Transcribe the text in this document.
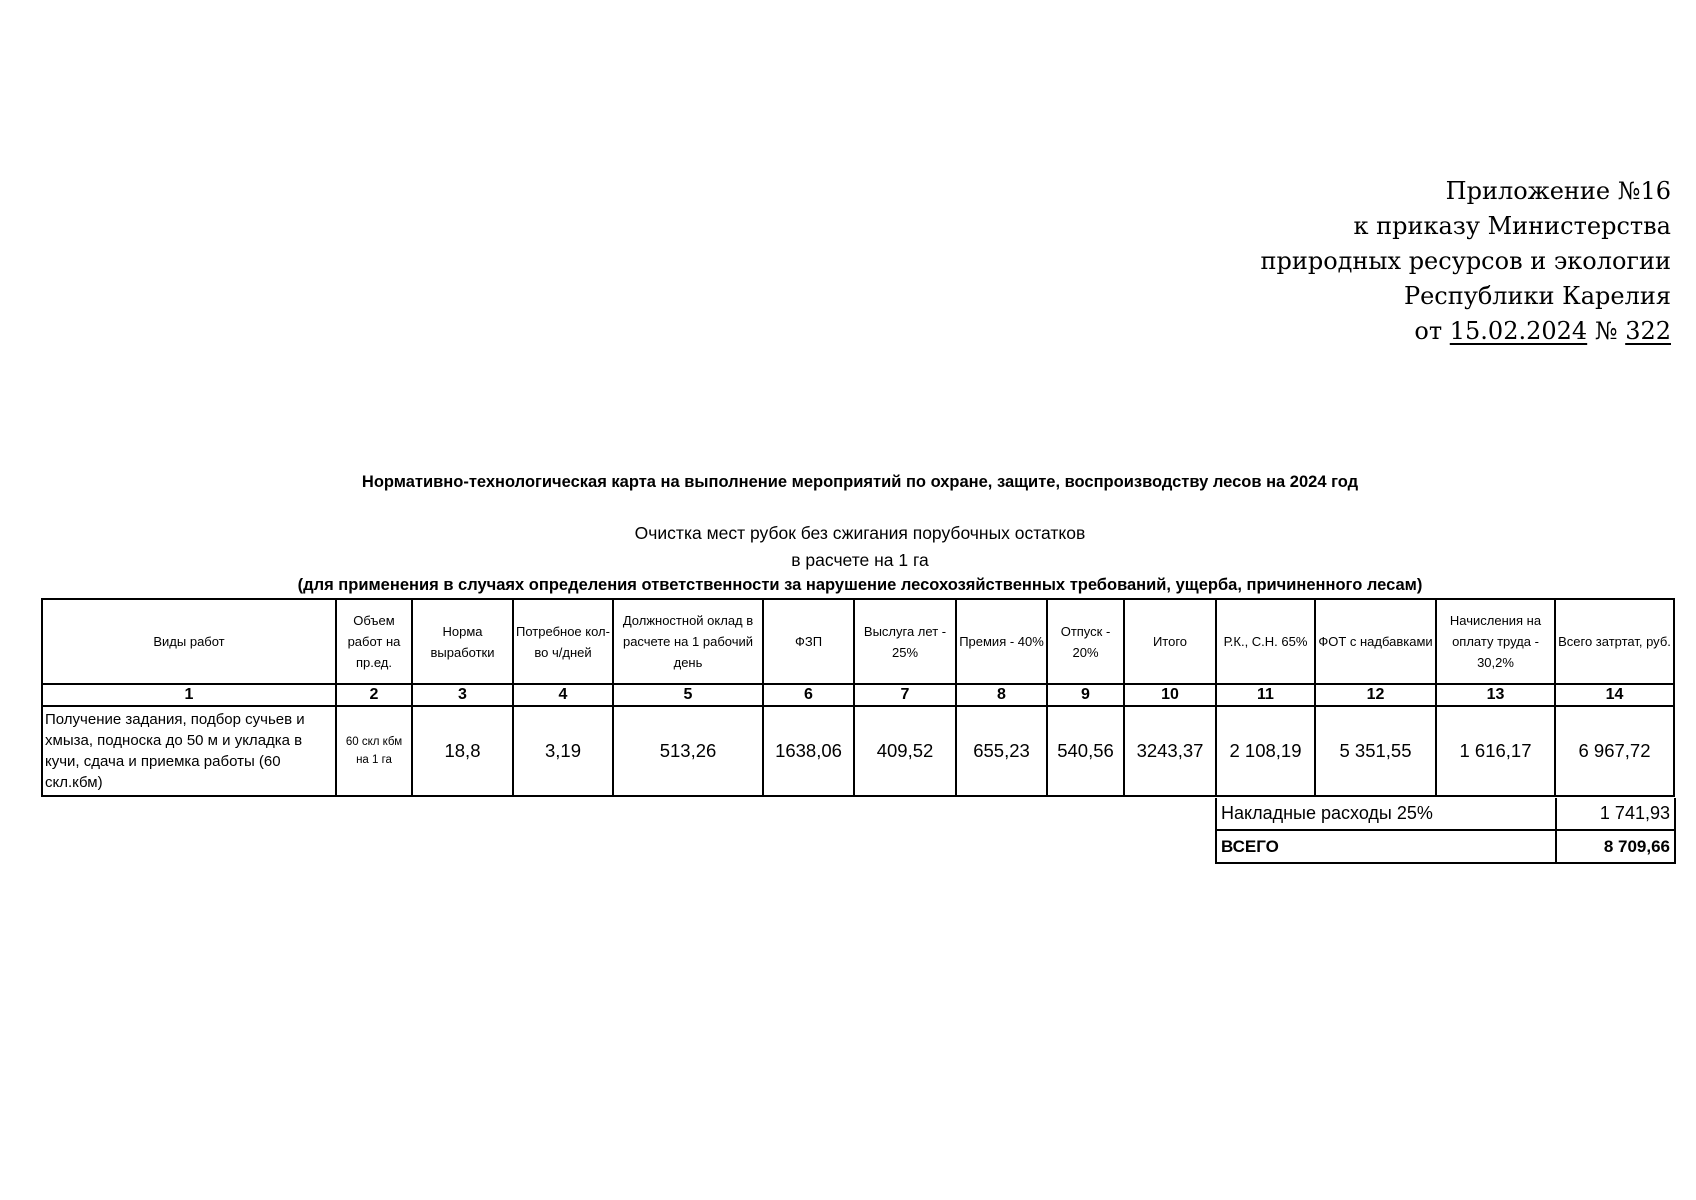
Приложение №16
к приказу Министерства
природных ресурсов и экологии
Республики Карелия
от 15.02.2024 № 322
Нормативно-технологическая карта на выполнение мероприятий по охране, защите, воспроизводству лесов на 2024 год
Очистка мест рубок без сжигания порубочных остатков
в расчете на 1 га
(для применения в случаях определения ответственности за нарушение лесохозяйственных требований, ущерба, причиненного лесам)
Виды работ	Объем работ на пр.ед.	Норма выработки	Потребное кол-во ч/дней	Должностной оклад в расчете на 1 рабочий день	ФЗП	Выслуга лет - 25%	Премия - 40%	Отпуск - 20%	Итого	Р.К., С.Н. 65%	ФОТ с надбавками	Начисления на оплату труда - 30,2%	Всего затртат, руб.
1	2	3	4	5	6	7	8	9	10	11	12	13	14
Получение задания, подбор сучьев и хмыза, подноска до 50 м и укладка в кучи, сдача и приемка работы (60 скл.кбм)	60 скл кбм на 1 га	18,8	3,19	513,26	1638,06	409,52	655,23	540,56	3243,37	2 108,19	5 351,55	1 616,17	6 967,72
Накладные расходы 25%	1 741,93
ВСЕГО	8 709,66
